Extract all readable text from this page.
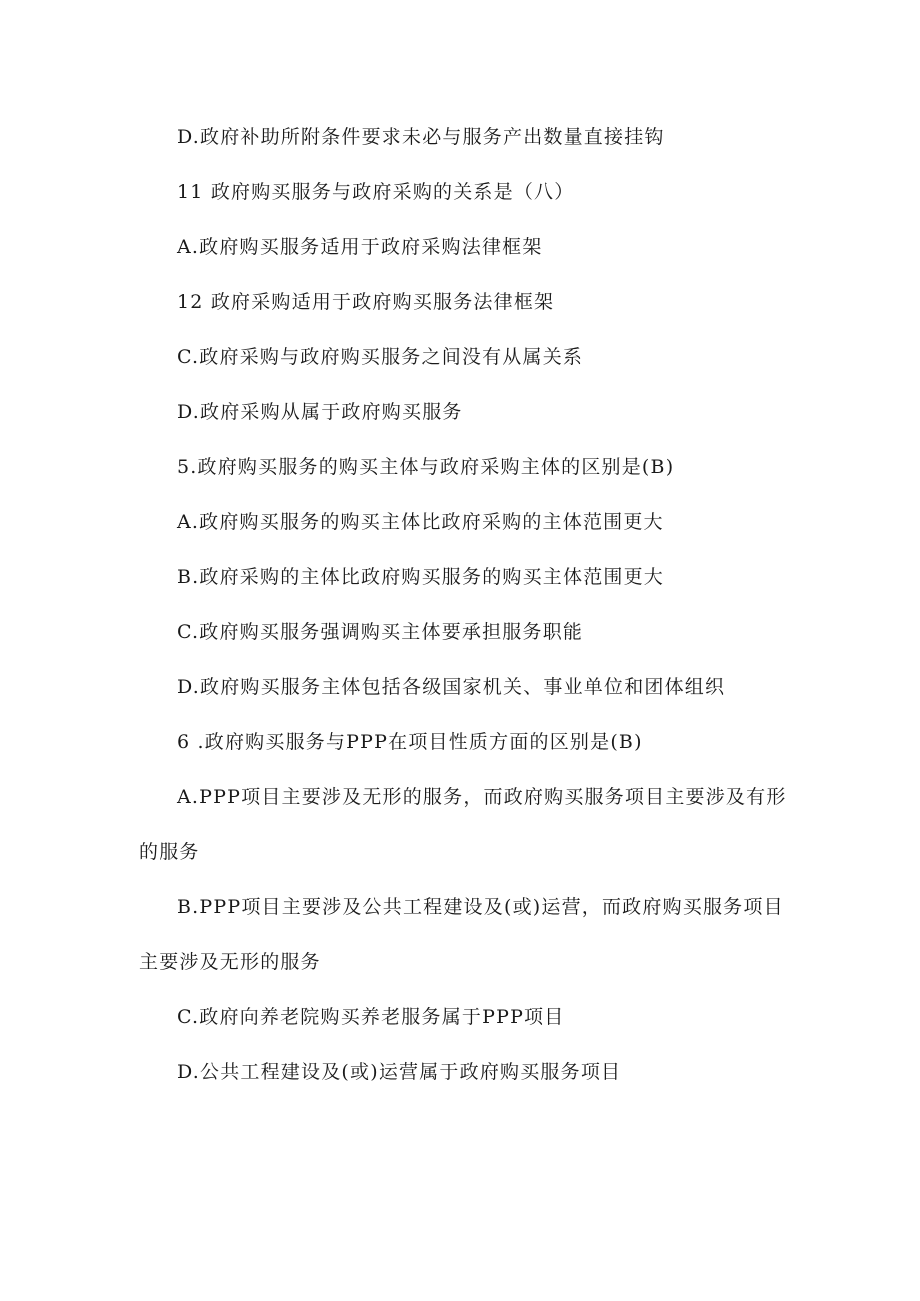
D.政府补助所附条件要求未必与服务产出数量直接挂钩
11 政府购买服务与政府采购的关系是（八）
A.政府购买服务适用于政府采购法律框架
12 政府采购适用于政府购买服务法律框架
C.政府采购与政府购买服务之间没有从属关系
D.政府采购从属于政府购买服务
5.政府购买服务的购买主体与政府采购主体的区别是(B)
A.政府购买服务的购买主体比政府采购的主体范围更大
B.政府采购的主体比政府购买服务的购买主体范围更大
C.政府购买服务强调购买主体要承担服务职能
D.政府购买服务主体包括各级国家机关、事业单位和团体组织
6 .政府购买服务与PPP在项目性质方面的区别是(B)
A.PPP项目主要涉及无形的服务，而政府购买服务项目主要涉及有形
的服务
B.PPP项目主要涉及公共工程建设及(或)运营，而政府购买服务项目
主要涉及无形的服务
C.政府向养老院购买养老服务属于PPP项目
D.公共工程建设及(或)运营属于政府购买服务项目
